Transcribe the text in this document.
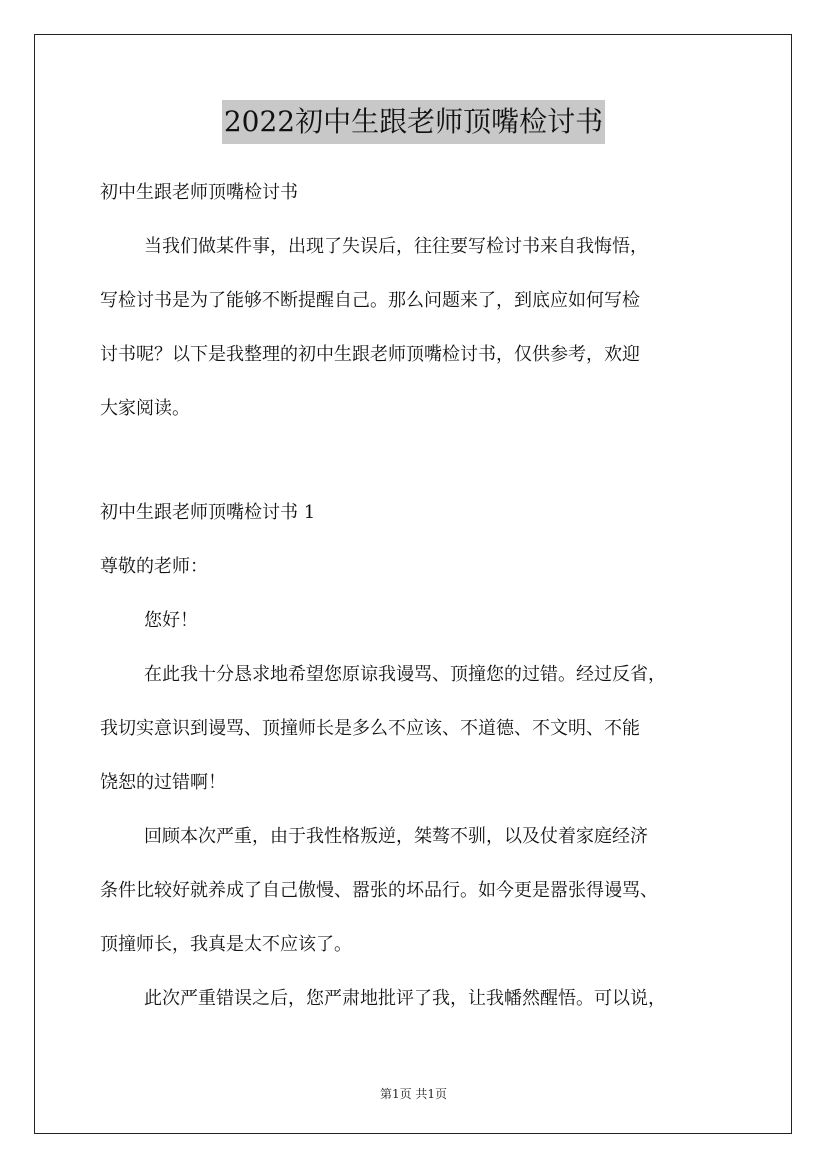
2022初中生跟老师顶嘴检讨书
初中生跟老师顶嘴检讨书
当我们做某件事，出现了失误后，往往要写检讨书来自我悔悟，
写检讨书是为了能够不断提醒自己。那么问题来了，到底应如何写检
讨书呢？以下是我整理的初中生跟老师顶嘴检讨书，仅供参考，欢迎
大家阅读。
初中生跟老师顶嘴检讨书 1
尊敬的老师：
您好！
在此我十分恳求地希望您原谅我谩骂、顶撞您的过错。经过反省，
我切实意识到谩骂、顶撞师长是多么不应该、不道德、不文明、不能
饶恕的过错啊！
回顾本次严重，由于我性格叛逆，桀骜不驯，以及仗着家庭经济
条件比较好就养成了自己傲慢、嚣张的坏品行。如今更是嚣张得谩骂、
顶撞师长，我真是太不应该了。
此次严重错误之后，您严肃地批评了我，让我幡然醒悟。可以说，
第1页 共1页
